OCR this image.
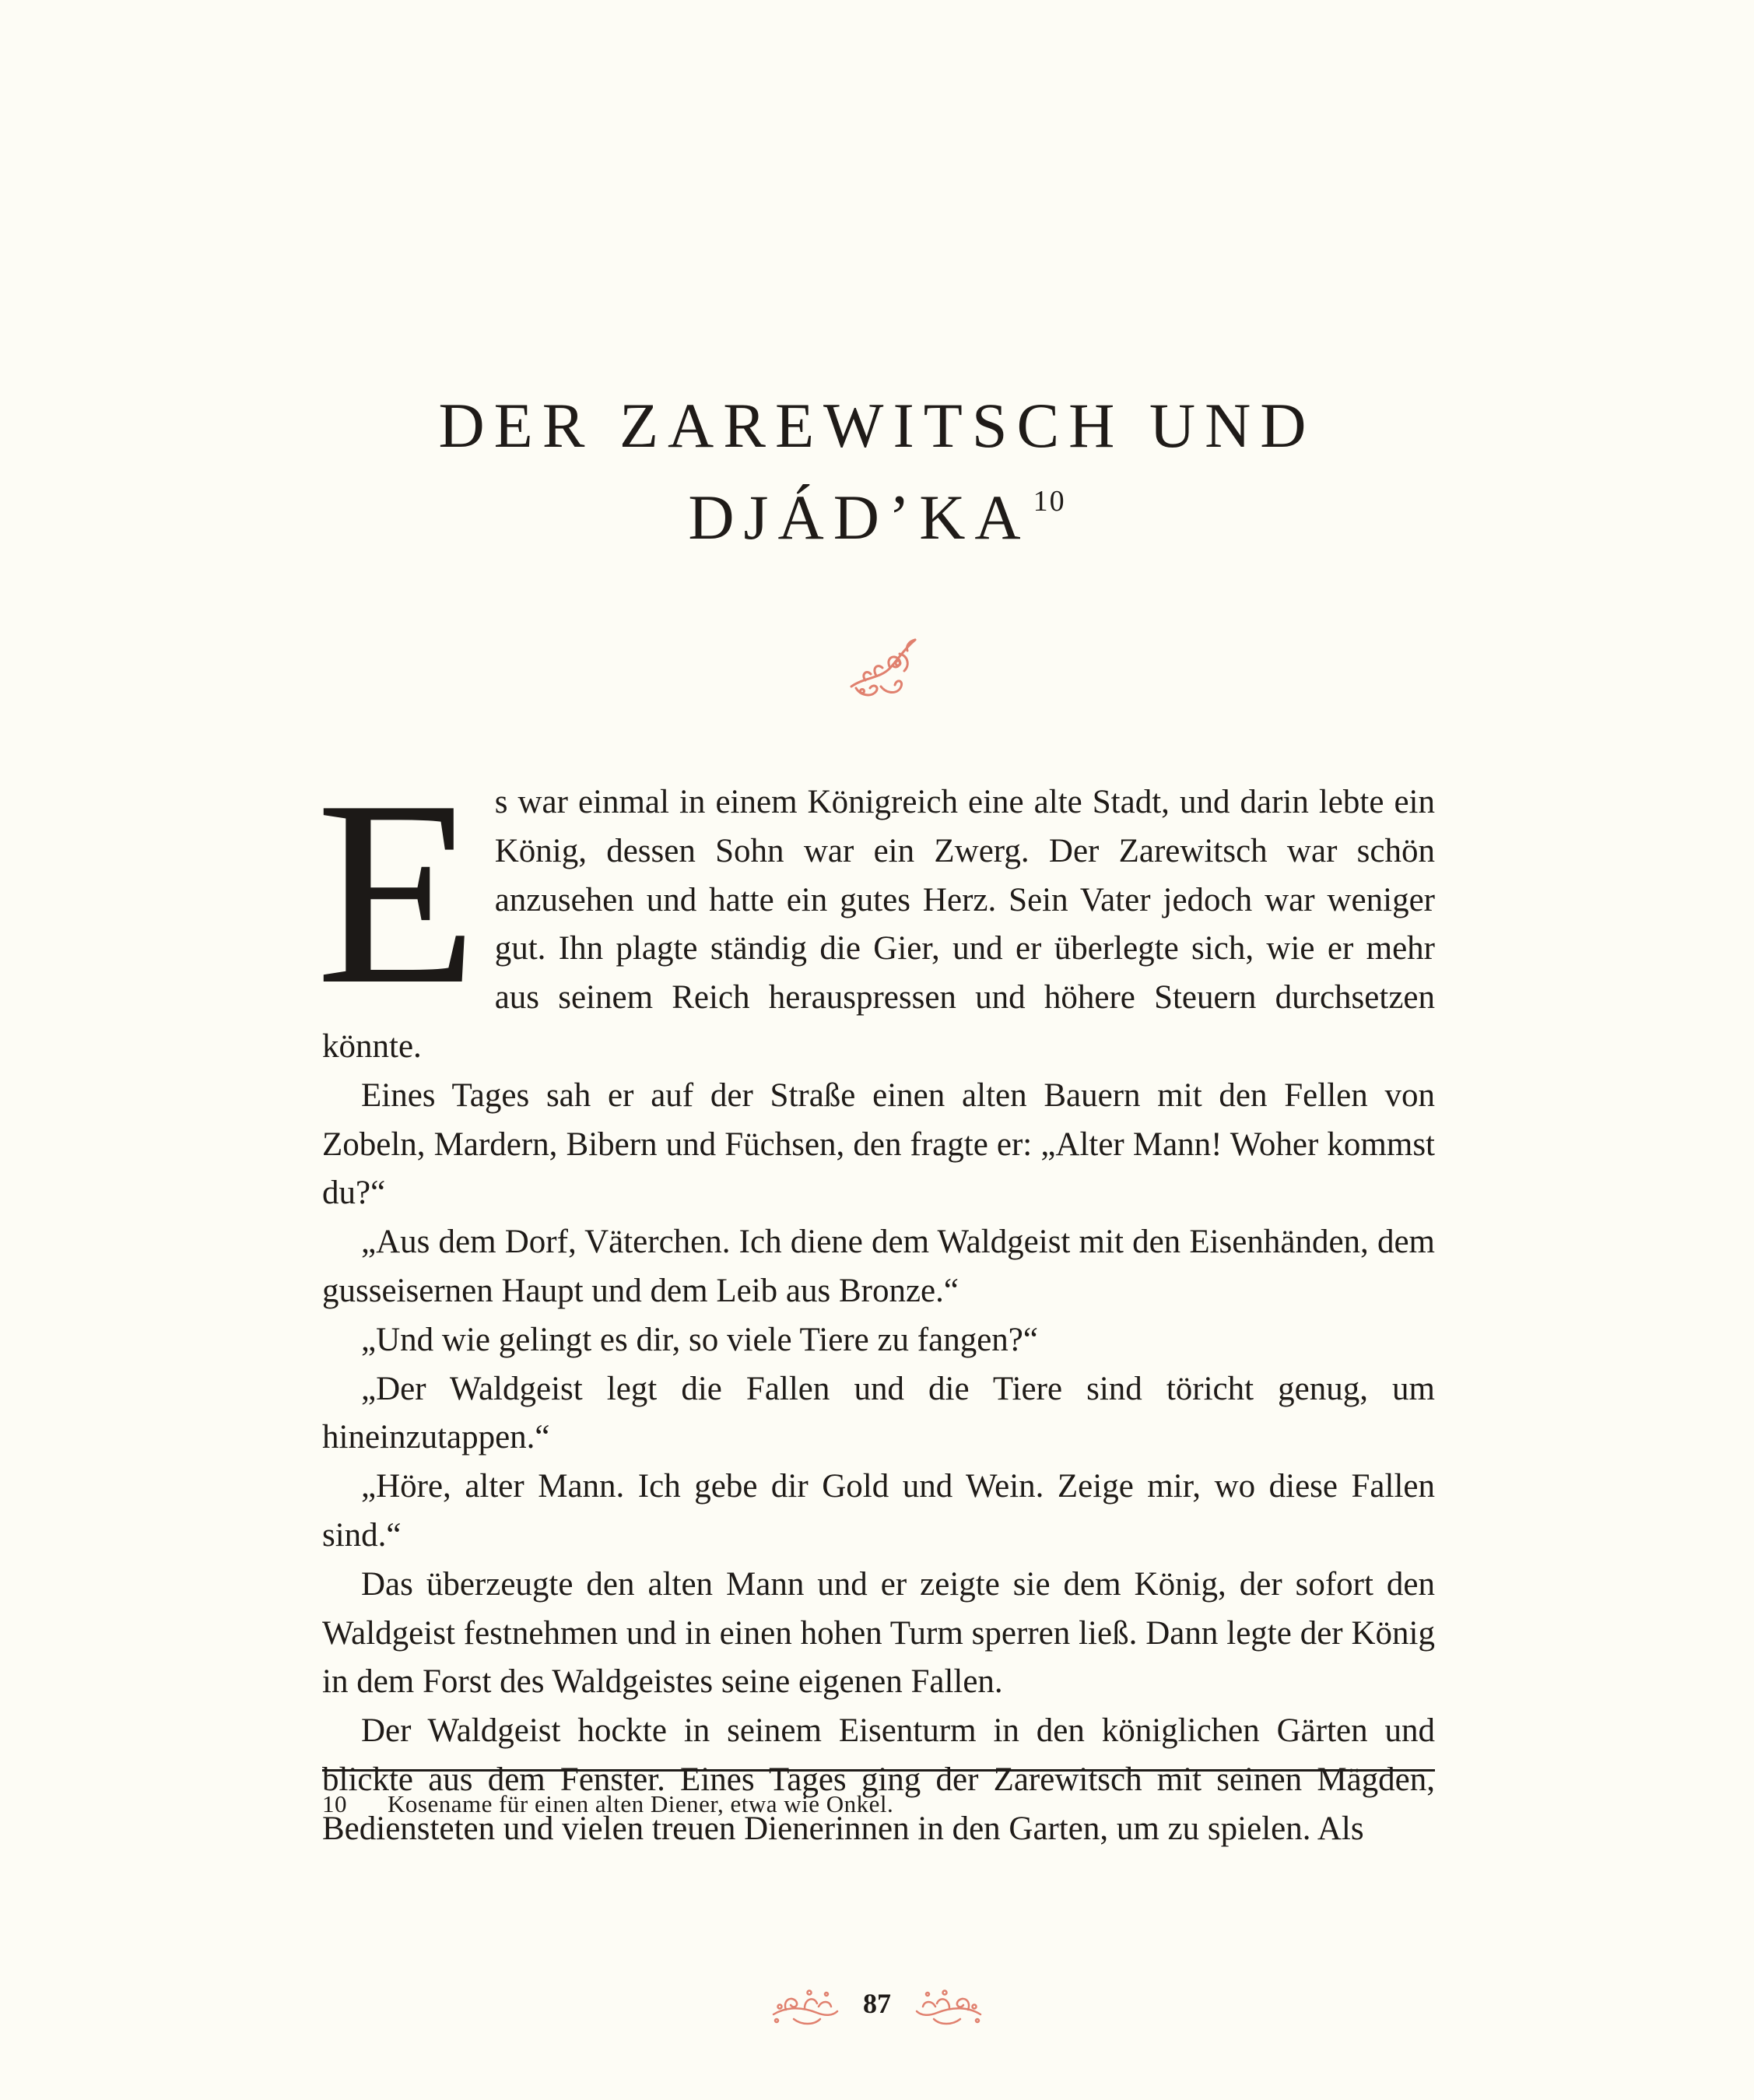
DER ZAREWITSCH UND
DJÁD’KA $^{10}$
E s war einmal in einem Königreich eine alte Stadt, und darin lebte ein König, dessen Sohn war ein Zwerg. Der Zarewitsch war schön anzusehen und hatte ein gutes Herz. Sein Vater jedoch war weniger gut. Ihn plagte ständig die Gier, und er überlegte sich, wie er mehr aus seinem Reich herauspressen und höhere Steuern durchsetzen könnte.

Eines Tages sah er auf der Straße einen alten Bauern mit den Fellen von Zobeln, Mardern, Bibern und Füchsen, den fragte er: „Alter Mann! Woher kommst du?“

„Aus dem Dorf, Väterchen. Ich diene dem Waldgeist mit den Eisenhänden, dem gusseisernen Haupt und dem Leib aus Bronze.“

„Und wie gelingt es dir, so viele Tiere zu fangen?“

„Der Waldgeist legt die Fallen und die Tiere sind töricht genug, um hineinzutappen.“

„Höre, alter Mann. Ich gebe dir Gold und Wein. Zeige mir, wo diese Fallen sind.“

Das überzeugte den alten Mann und er zeigte sie dem König, der sofort den Waldgeist festnehmen und in einen hohen Turm sperren ließ. Dann legte der König in dem Forst des Waldgeistes seine eigenen Fallen.

Der Waldgeist hockte in seinem Eisenturm in den königlichen Gärten und blickte aus dem Fenster. Eines Tages ging der Zarewitsch mit seinen Mägden, Bediensteten und vielen treuen Dienerinnen in den Garten, um zu spielen. Als

10 Kosename für einen alten Diener, etwa wie Onkel.
87
